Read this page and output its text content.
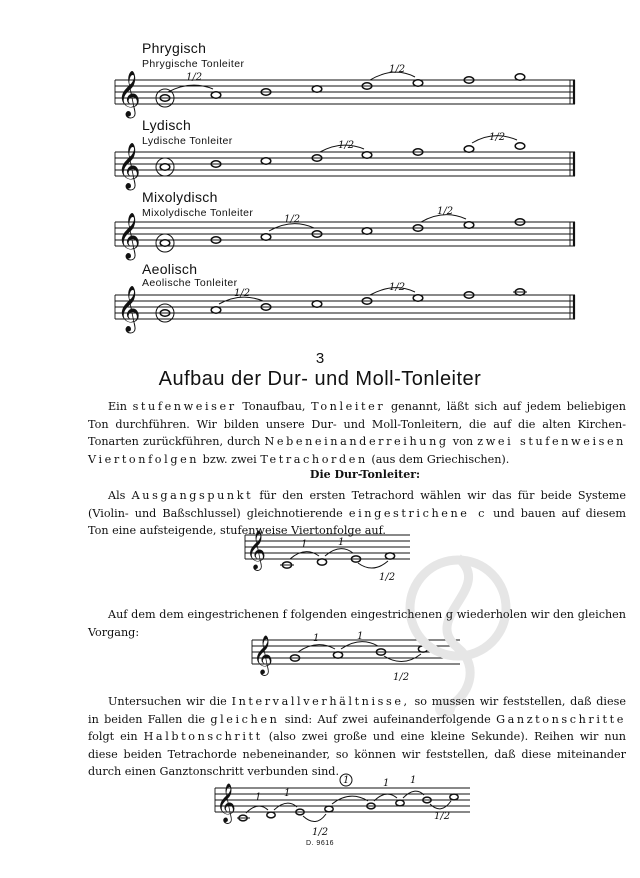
Phrygisch
Phrygische Tonleiter
Lydisch
Lydische Tonleiter
Mixolydisch
Mixolydische Tonleiter
Aeolisch
Aeolische Tonleiter
𝄞
𝄞
𝄞
𝄞
𝄞
𝄞
𝄞
1/2
1/2
1/2
1/2
1/2
1/2
1/2
1/2
1	1
1/2
1	1
1/2
1 1
1	1 1
1/2
1/2
3
Aufbau der Dur- und Moll-Tonleiter

Ein stufenweiser Tonaufbau, Tonleiter genannt, läßt sich auf jedem beliebigen Ton durchführen. Wir bilden unsere Dur- und Moll-Tonleitern, die auf die alten Kirchen-Tonarten zurückführen, durch Nebeneinanderreihung von zwei stufenweisen Viertonfolgen bzw. zwei Tetrachorden (aus dem Griechischen).

Die Dur-Tonleiter:

Als Ausgangspunkt für den ersten Tetrachord wählen wir das für beide Systeme (Violin- und Baßschlussel) gleichnotierende eingestrichene c und bauen auf diesem Ton eine aufsteigende, stufenweise Viertonfolge auf.

Auf dem dem eingestrichenen f folgenden eingestrichenen g wiederholen wir den gleichen Vorgang:

Untersuchen wir die Intervallverhältnisse, so mussen wir feststellen, daß diese in beiden Fallen die gleichen sind: Auf zwei aufeinanderfolgende Ganztonschritte folgt ein Halbtonschritt (also zwei große und eine kleine Sekunde). Reihen wir nun diese beiden Tetrachorde nebeneinander, so können wir feststellen, daß diese miteinander durch einen Ganztonschritt verbunden sind.

D. 9616
